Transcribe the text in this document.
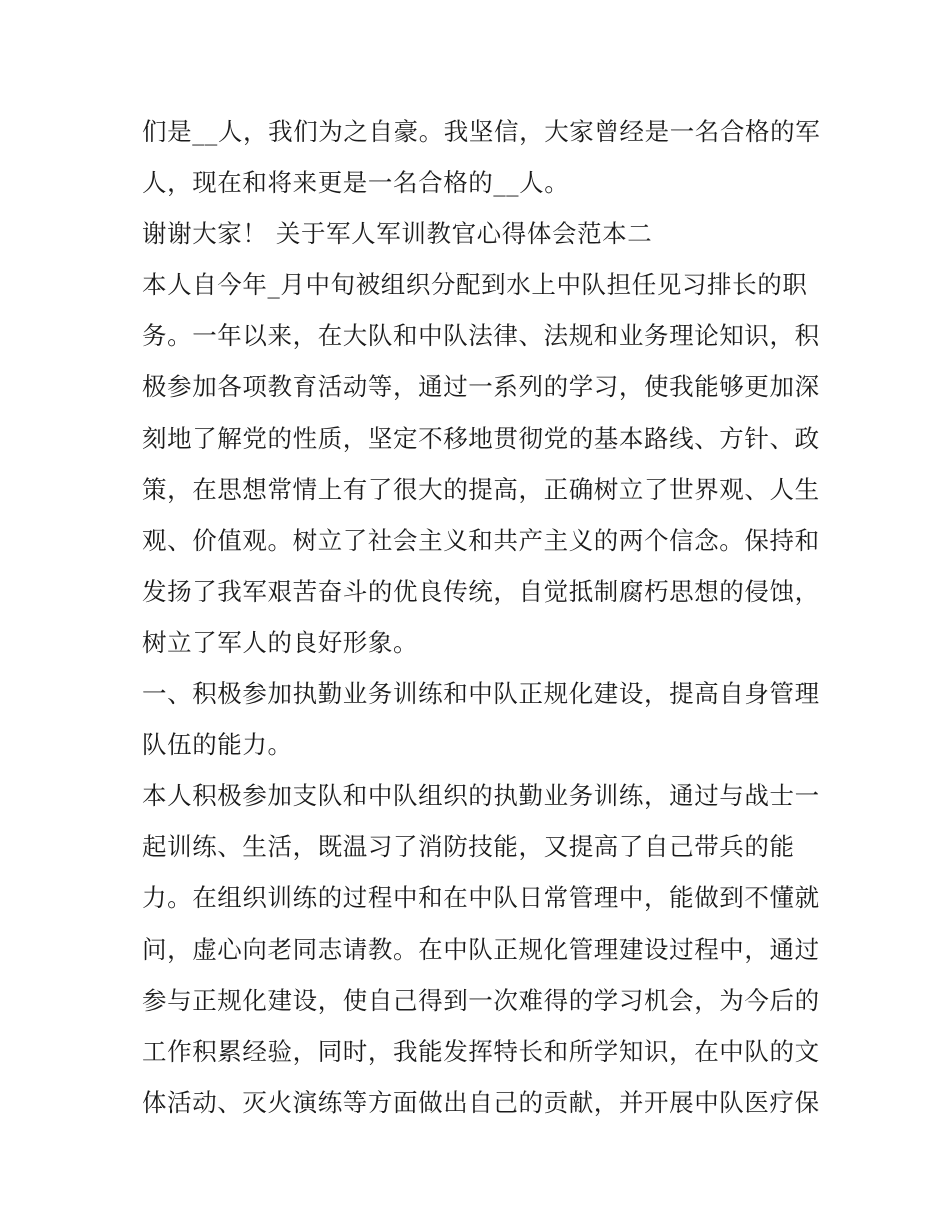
们是__人，我们为之自豪。我坚信，大家曾经是一名合格的军
人，现在和将来更是一名合格的__人。
谢谢大家！ 关于军人军训教官心得体会范本二
本人自今年_月中旬被组织分配到水上中队担任见习排长的职
务。一年以来，在大队和中队法律、法规和业务理论知识，积
极参加各项教育活动等，通过一系列的学习，使我能够更加深
刻地了解党的性质，坚定不移地贯彻党的基本路线、方针、政
策，在思想常情上有了很大的提高，正确树立了世界观、人生
观、价值观。树立了社会主义和共产主义的两个信念。保持和
发扬了我军艰苦奋斗的优良传统，自觉抵制腐朽思想的侵蚀，
树立了军人的良好形象。
一、积极参加执勤业务训练和中队正规化建设，提高自身管理
队伍的能力。
本人积极参加支队和中队组织的执勤业务训练，通过与战士一
起训练、生活，既温习了消防技能，又提高了自己带兵的能
力。在组织训练的过程中和在中队日常管理中，能做到不懂就
问，虚心向老同志请教。在中队正规化管理建设过程中，通过
参与正规化建设，使自己得到一次难得的学习机会，为今后的
工作积累经验，同时，我能发挥特长和所学知识，在中队的文
体活动、灭火演练等方面做出自己的贡献，并开展中队医疗保
